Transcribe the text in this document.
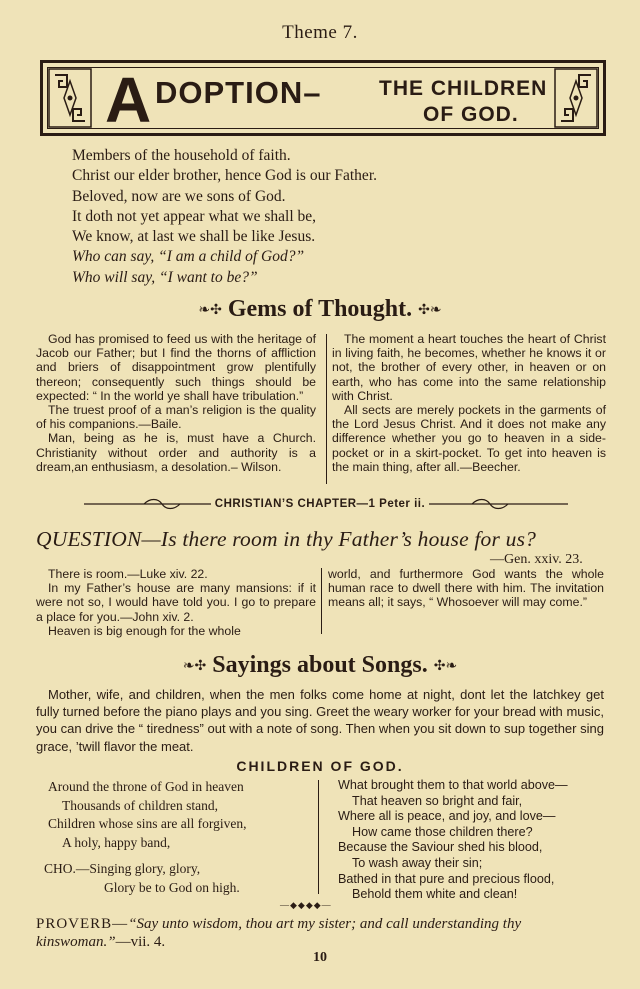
Theme 7.
A DOPTION–	THE CHILDREN
OF GOD.
Members of the household of faith.
Christ our elder brother, hence God is our Father.
Beloved, now are we sons of God.
It doth not yet appear what we shall be,
We know, at last we shall be like Jesus.
Who can say, “I am a child of God?”
Who will say, “I want to be?”
❧✣ Gems of Thought. ✣❧

God has promised to feed us with the heritage of Jacob our Father; but I find the thorns of affliction and briers of disappointment grow plentifully thereon; consequently such things should be expected: “ In the world ye shall have tribulation.”

The truest proof of a man’s religion is the quality of his companions.—Baile.

Man, being as he is, must have a Church. Christianity without order and authority is a dream,an enthusiasm, a desolation.– Wilson.

The moment a heart touches the heart of Christ in living faith, he becomes, whether he knows it or not, the brother of every other, in heaven or on earth, who has come into the same relationship with Christ.

All sects are merely pockets in the garments of the Lord Jesus Christ. And it does not make any difference whether you go to heaven in a side-pocket or in a skirt-pocket. To get into heaven is the main thing, after all.—Beecher.

CHRISTIAN’S CHAPTER—1 Peter ii.
QUESTION—Is there room in thy Father’s house for us?
—Gen. xxiv. 23.

There is room.—Luke xiv. 22.

In my Father’s house are many mansions: if it were not so, I would have told you. I go to prepare a place for you.—John xiv. 2.

Heaven is big enough for the whole

world, and furthermore God wants the whole human race to dwell there with him. The invitation means all; it says, “ Whosoever will may come.”

❧✣ Sayings about Songs. ✣❧

Mother, wife, and children, when the men folks come home at night, dont let the latchkey get fully turned before the piano plays and you sing. Greet the weary worker for your bread with music, you can drive the “ tiredness” out with a note of song. Then when you sit down to sup together sing grace, ’twill flavor the meat.

CHILDREN OF GOD.
Around the throne of God in heaven
Thousands of children stand,
Children whose sins are all forgiven,
A holy, happy band,
CHO.—Singing glory, glory,
Glory be to God on high.
What brought them to that world above—
That heaven so bright and fair,
Where all is peace, and joy, and love—
How came those children there?
Because the Saviour shed his blood,
To wash away their sin;
Bathed in that pure and precious flood,
Behold them white and clean!
—◆◆◆◆—
PROVERB—“Say unto wisdom, thou art my sister; and call understanding thy kinswoman.”—vii. 4.
10
